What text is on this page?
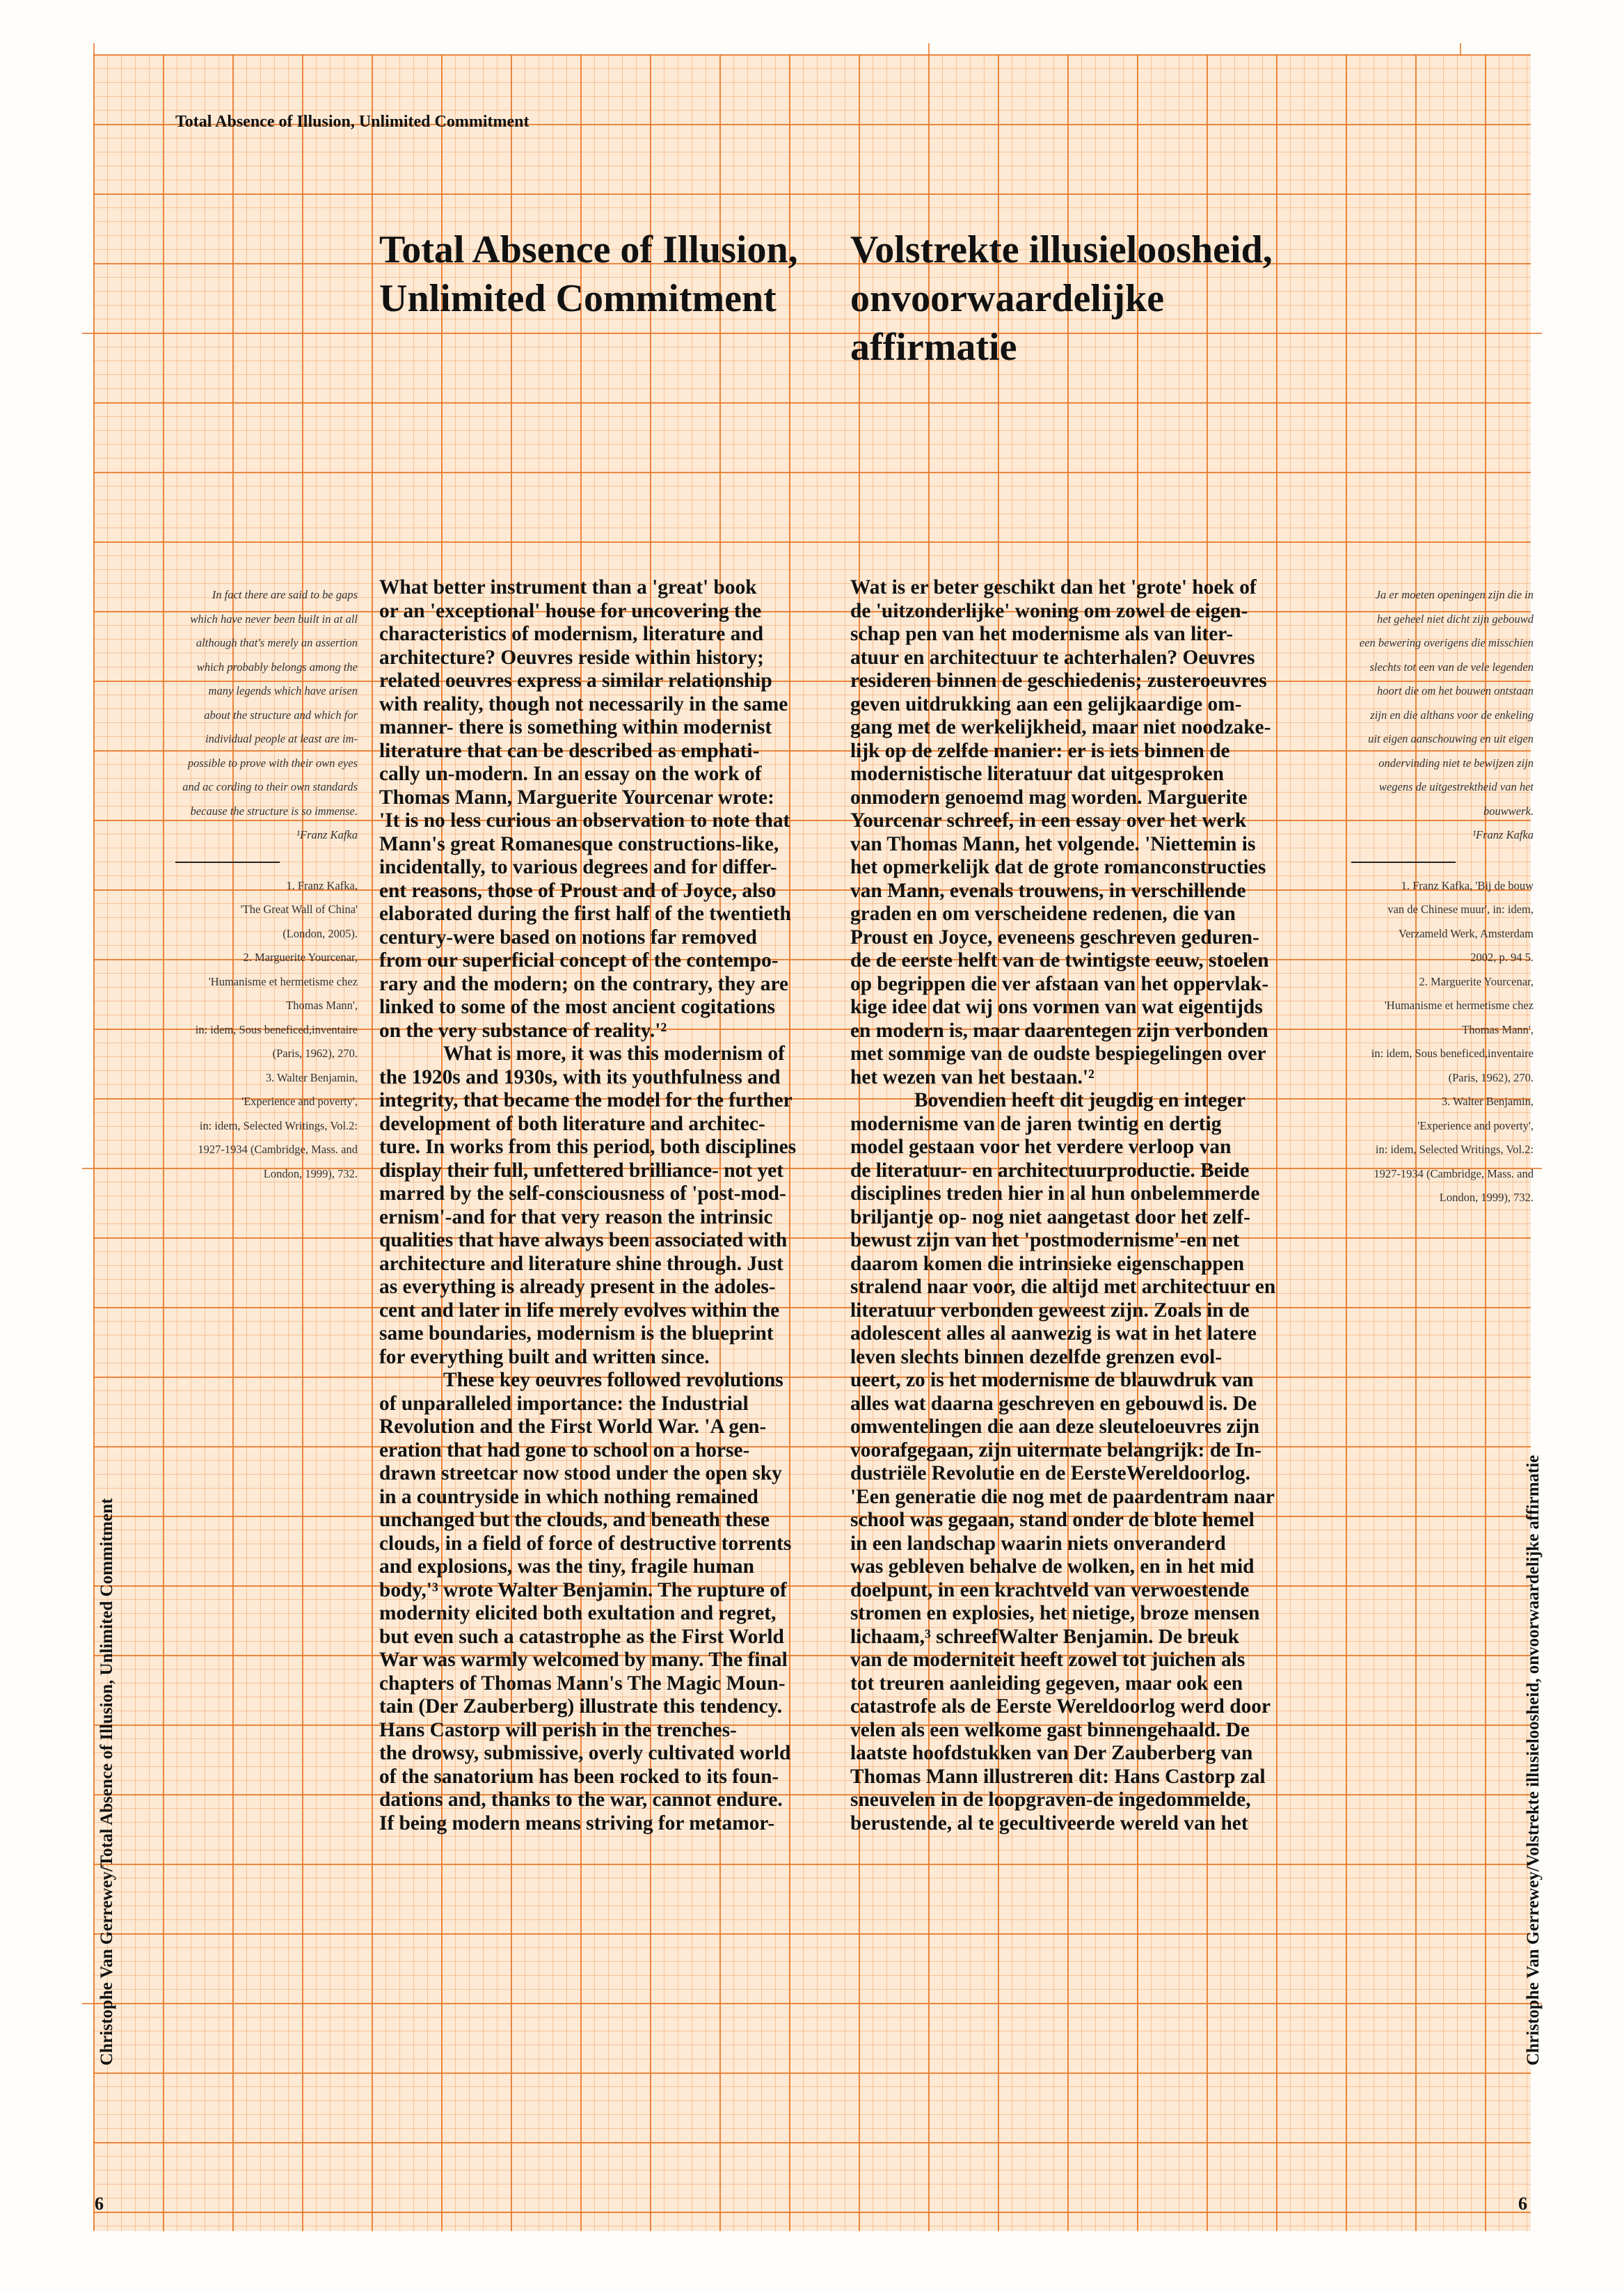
Total Absence of Illusion, Unlimited Commitment
Total Absence of Illusion,
Unlimited Commitment
Volstrekte illusieloosheid,
onvoorwaardelijke
affirmatie
In fact there are said to be gaps
which have never been built in at all
although that's merely an assertion
which probably belongs among the
many legends which have arisen
about the structure and which for
individual people at least are im-
possible to prove with their own eyes
and ac cording to their own standards
because the structure is so immense.
¹Franz Kafka
1. Franz Kafka,
'The Great Wall of China'
(London, 2005).
2. Marguerite Yourcenar,
'Humanisme et hermetisme chez
Thomas Mann',
in: idem, Sous beneficed,inventaire
(Paris, 1962), 270.
3. Walter Benjamin,
'Experience and poverty',
in: idem, Selected Writings, Vol.2:
1927-1934 (Cambridge, Mass. and
London, 1999), 732.
Ja er moeten openingen zijn die in
het geheel niet dicht zijn gebouwd
een bewering overigens die misschien
slechts tot een van de vele legenden
hoort die om het bouwen ontstaan
zijn en die althans voor de enkeling
uit eigen aanschouwing en uit eigen
ondervinding niet te bewijzen zijn
wegens de uitgestrektheid van het
bouwwerk.
¹Franz Kafka
1. Franz Kafka, 'Bij de bouw
van de Chinese muur', in: idem,
Verzameld Werk, Amsterdam
2002, p. 94 5.
2. Marguerite Yourcenar,
'Humanisme et hermetisme chez
Thomas Mann',
in: idem, Sous beneficed,inventaire
(Paris, 1962), 270.
3. Walter Benjamin,
'Experience and poverty',
in: idem, Selected Writings, Vol.2:
1927-1934 (Cambridge, Mass. and
London, 1999), 732.
What better instrument than a 'great' book
or an 'exceptional' house for uncovering the
characteristics of modernism, literature and
architecture? Oeuvres reside within history;
related oeuvres express a similar relationship
with reality, though not necessarily in the same
manner- there is something within modernist
literature that can be described as emphati-
cally un-modern. In an essay on the work of
Thomas Mann, Marguerite Yourcenar wrote:
'It is no less curious an observation to note that
Mann's great Romanesque constructions-like,
incidentally, to various degrees and for differ-
ent reasons, those of Proust and of Joyce, also
elaborated during the first half of the twentieth
century-were based on notions far removed
from our superficial concept of the contempo-
rary and the modern; on the contrary, they are
linked to some of the most ancient cogitations
on the very substance of reality.'²
What is more, it was this modernism of
the 1920s and 1930s, with its youthfulness and
integrity, that became the model for the further
development of both literature and architec-
ture. In works from this period, both disciplines
display their full, unfettered brilliance- not yet
marred by the self-consciousness of 'post-mod-
ernism'-and for that very reason the intrinsic
qualities that have always been associated with
architecture and literature shine through. Just
as everything is already present in the adoles-
cent and later in life merely evolves within the
same boundaries, modernism is the blueprint
for everything built and written since.
These key oeuvres followed revolutions
of unparalleled importance: the Industrial
Revolution and the First World War. 'A gen-
eration that had gone to school on a horse-
drawn streetcar now stood under the open sky
in a countryside in which nothing remained
unchanged but the clouds, and beneath these
clouds, in a field of force of destructive torrents
and explosions, was the tiny, fragile human
body,'³ wrote Walter Benjamin. The rupture of
modernity elicited both exultation and regret,
but even such a catastrophe as the First World
War was warmly welcomed by many. The final
chapters of Thomas Mann's The Magic Moun-
tain (Der Zauberberg) illustrate this tendency.
Hans Castorp will perish in the trenches-
the drowsy, submissive, overly cultivated world
of the sanatorium has been rocked to its foun-
dations and, thanks to the war, cannot endure.
If being modern means striving for metamor-
Wat is er beter geschikt dan het 'grote' hoek of
de 'uitzonderlijke' woning om zowel de eigen-
schap pen van het modernisme als van liter-
atuur en architectuur te achterhalen? Oeuvres
resideren binnen de geschiedenis; zusteroeuvres
geven uitdrukking aan een gelijkaardige om-
gang met de werkelijkheid, maar niet noodzake-
lijk op de zelfde manier: er is iets binnen de
modernistische literatuur dat uitgesproken
onmodern genoemd mag worden. Marguerite
Yourcenar schreef, in een essay over het werk
van Thomas Mann, het volgende. 'Niettemin is
het opmerkelijk dat de grote romanconstructies
van Mann, evenals trouwens, in verschillende
graden en om verscheidene redenen, die van
Proust en Joyce, eveneens geschreven geduren-
de de eerste helft van de twintigste eeuw, stoelen
op begrippen die ver afstaan van het oppervlak-
kige idee dat wij ons vormen van wat eigentijds
en modern is, maar daarentegen zijn verbonden
met sommige van de oudste bespiegelingen over
het wezen van het bestaan.'²
Bovendien heeft dit jeugdig en integer
modernisme van de jaren twintig en dertig
model gestaan voor het verdere verloop van
de literatuur- en architectuurproductie. Beide
disciplines treden hier in al hun onbelemmerde
briljantje op- nog niet aangetast door het zelf-
bewust zijn van het 'postmodernisme'-en net
daarom komen die intrinsieke eigenschappen
stralend naar voor, die altijd met architectuur en
literatuur verbonden geweest zijn. Zoals in de
adolescent alles al aanwezig is wat in het latere
leven slechts binnen dezelfde grenzen evol-
ueert, zo is het modernisme de blauwdruk van
alles wat daarna geschreven en gebouwd is. De
omwentelingen die aan deze sleuteloeuvres zijn
voorafgegaan, zijn uitermate belangrijk: de In-
dustriële Revolutie en de EersteWereldoorlog.
'Een generatie die nog met de paardentram naar
school was gegaan, stand onder de blote hemel
in een landschap waarin niets onveranderd
was gebleven behalve de wolken, en in het mid
doelpunt, in een krachtveld van verwoestende
stromen en explosies, het nietige, broze mensen
lichaam,³ schreefWalter Benjamin. De breuk
van de moderniteit heeft zowel tot juichen als
tot treuren aanleiding gegeven, maar ook een
catastrofe als de Eerste Wereldoorlog werd door
velen als een welkome gast binnengehaald. De
laatste hoofdstukken van Der Zauberberg van
Thomas Mann illustreren dit: Hans Castorp zal
sneuvelen in de loopgraven-de ingedommelde,
berustende, al te gecultiveerde wereld van het
Christophe Van Gerrewey/Total Absence of Illusion, Unlimited Commitment	Christophe Van Gerrewey/Volstrekte illusieloosheid, onvoorwaardelijke affirmatie
6	6
